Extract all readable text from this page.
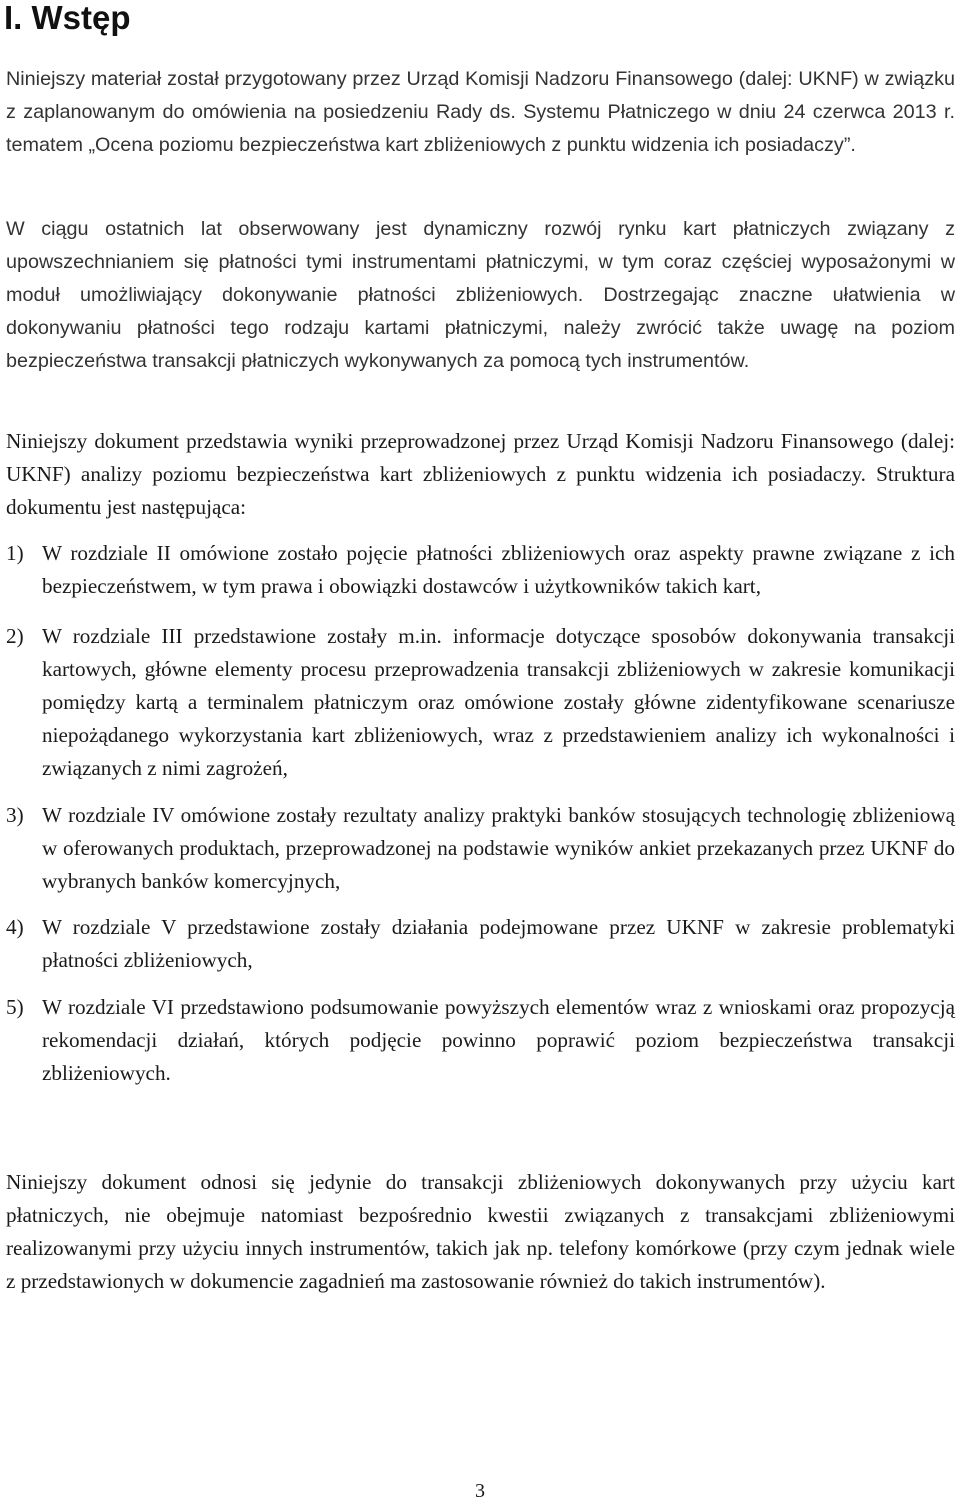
I. Wstęp

Niniejszy materiał został przygotowany przez Urząd Komisji Nadzoru Finansowego (dalej: UKNF) w związku z zaplanowanym do omówienia na posiedzeniu Rady ds. Systemu Płatniczego w dniu 24 czerwca 2013 r. tematem „Ocena poziomu bezpieczeństwa kart zbliżeniowych z punktu widzenia ich posiadaczy”.

W ciągu ostatnich lat obserwowany jest dynamiczny rozwój rynku kart płatniczych związany z upowszechnianiem się płatności tymi instrumentami płatniczymi, w tym coraz częściej wyposażonymi w moduł umożliwiający dokonywanie płatności zbliżeniowych. Dostrzegając znaczne ułatwienia w dokonywaniu płatności tego rodzaju kartami płatniczymi, należy zwrócić także uwagę na poziom bezpieczeństwa transakcji płatniczych wykonywanych za pomocą tych instrumentów.

Niniejszy dokument przedstawia wyniki przeprowadzonej przez Urząd Komisji Nadzoru Finansowego (dalej: UKNF) analizy poziomu bezpieczeństwa kart zbliżeniowych z punktu widzenia ich posiadaczy. Struktura dokumentu jest następująca:

1) W rozdziale II omówione zostało pojęcie płatności zbliżeniowych oraz aspekty prawne związane z ich bezpieczeństwem, w tym prawa i obowiązki dostawców i użytkowników takich kart,
2) W rozdziale III przedstawione zostały m.in. informacje dotyczące sposobów dokonywania transakcji kartowych, główne elementy procesu przeprowadzenia transakcji zbliżeniowych w zakresie komunikacji pomiędzy kartą a terminalem płatniczym oraz omówione zostały główne zidentyfikowane scenariusze niepożądanego wykorzystania kart zbliżeniowych, wraz z przedstawieniem analizy ich wykonalności i związanych z nimi zagrożeń,
3) W rozdziale IV omówione zostały rezultaty analizy praktyki banków stosujących technologię zbliżeniową w oferowanych produktach, przeprowadzonej na podstawie wyników ankiet przekazanych przez UKNF do wybranych banków komercyjnych,
4) W rozdziale V przedstawione zostały działania podejmowane przez UKNF w zakresie problematyki płatności zbliżeniowych,
5) W rozdziale VI przedstawiono podsumowanie powyższych elementów wraz z wnioskami oraz propozycją rekomendacji działań, których podjęcie powinno poprawić poziom bezpieczeństwa transakcji zbliżeniowych.

Niniejszy dokument odnosi się jedynie do transakcji zbliżeniowych dokonywanych przy użyciu kart płatniczych, nie obejmuje natomiast bezpośrednio kwestii związanych z transakcjami zbliżeniowymi realizowanymi przy użyciu innych instrumentów, takich jak np. telefony komórkowe (przy czym jednak wiele z przedstawionych w dokumencie zagadnień ma zastosowanie również do takich instrumentów).

3
